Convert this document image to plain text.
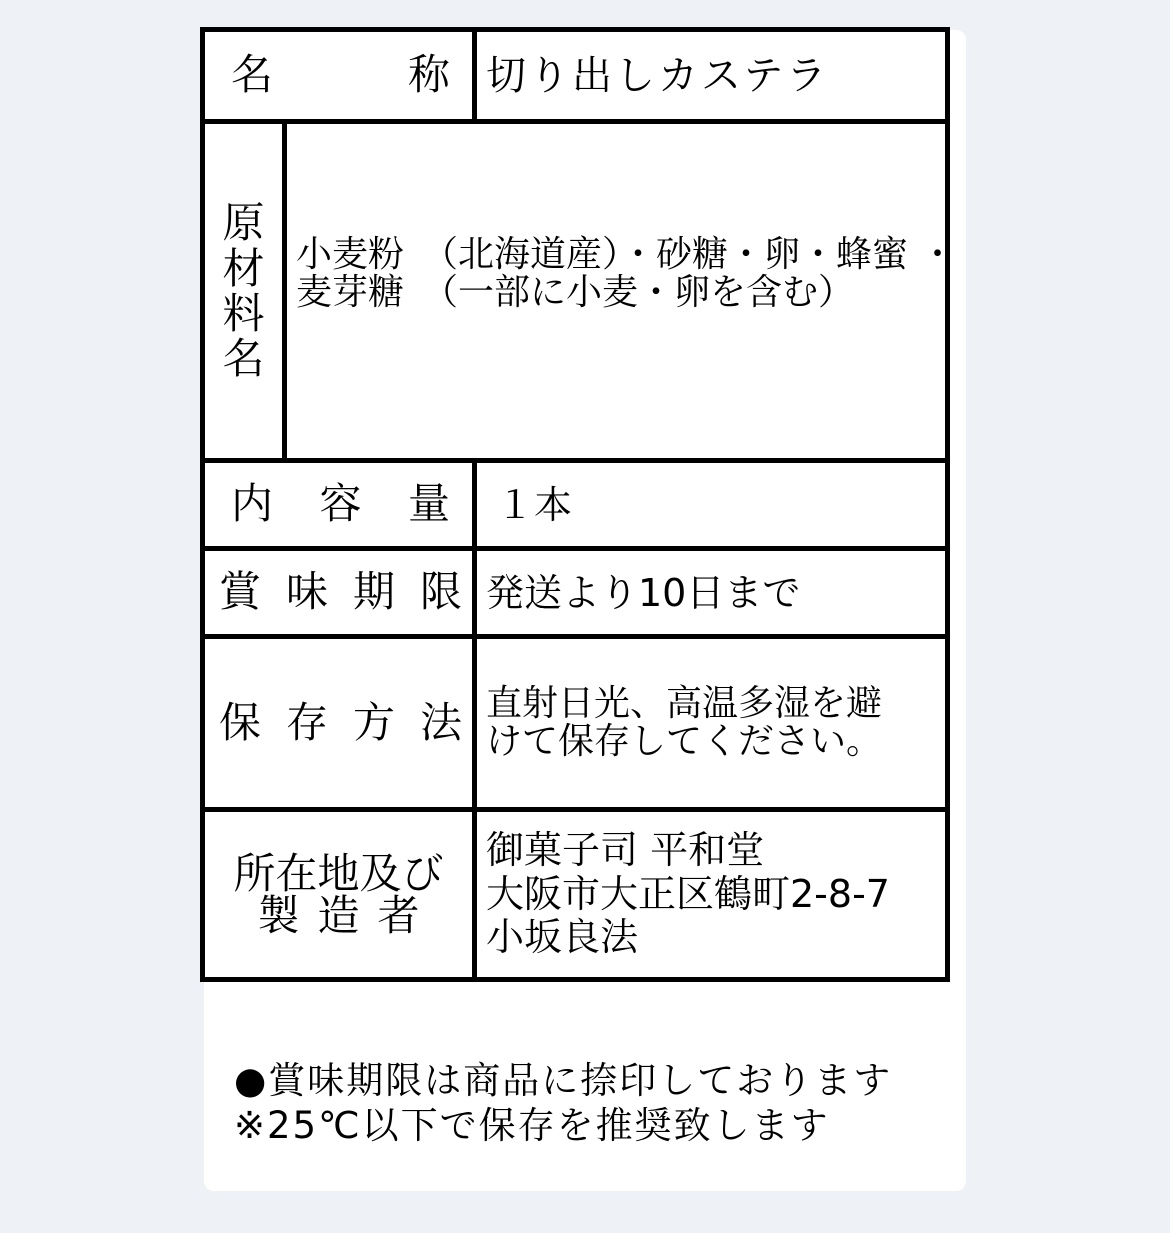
名	称 切り出しカステラ
原材料名
小麦粉　（北海道産）・砂糖・卵・蜂蜜 ・
麦芽糖　（一部に小麦・卵を含む）
内 容 量 １本
賞 味 期 限 発送より10日まで
保 存 方 法 直射日光、高温多湿を避
けて保存してください。
所在地及び
製造者
御菓子司 平和堂
大阪市大正区鶴町2-8-7
小坂良法
●賞味期限は商品に捺印しております
※25℃以下で保存を推奨致します
